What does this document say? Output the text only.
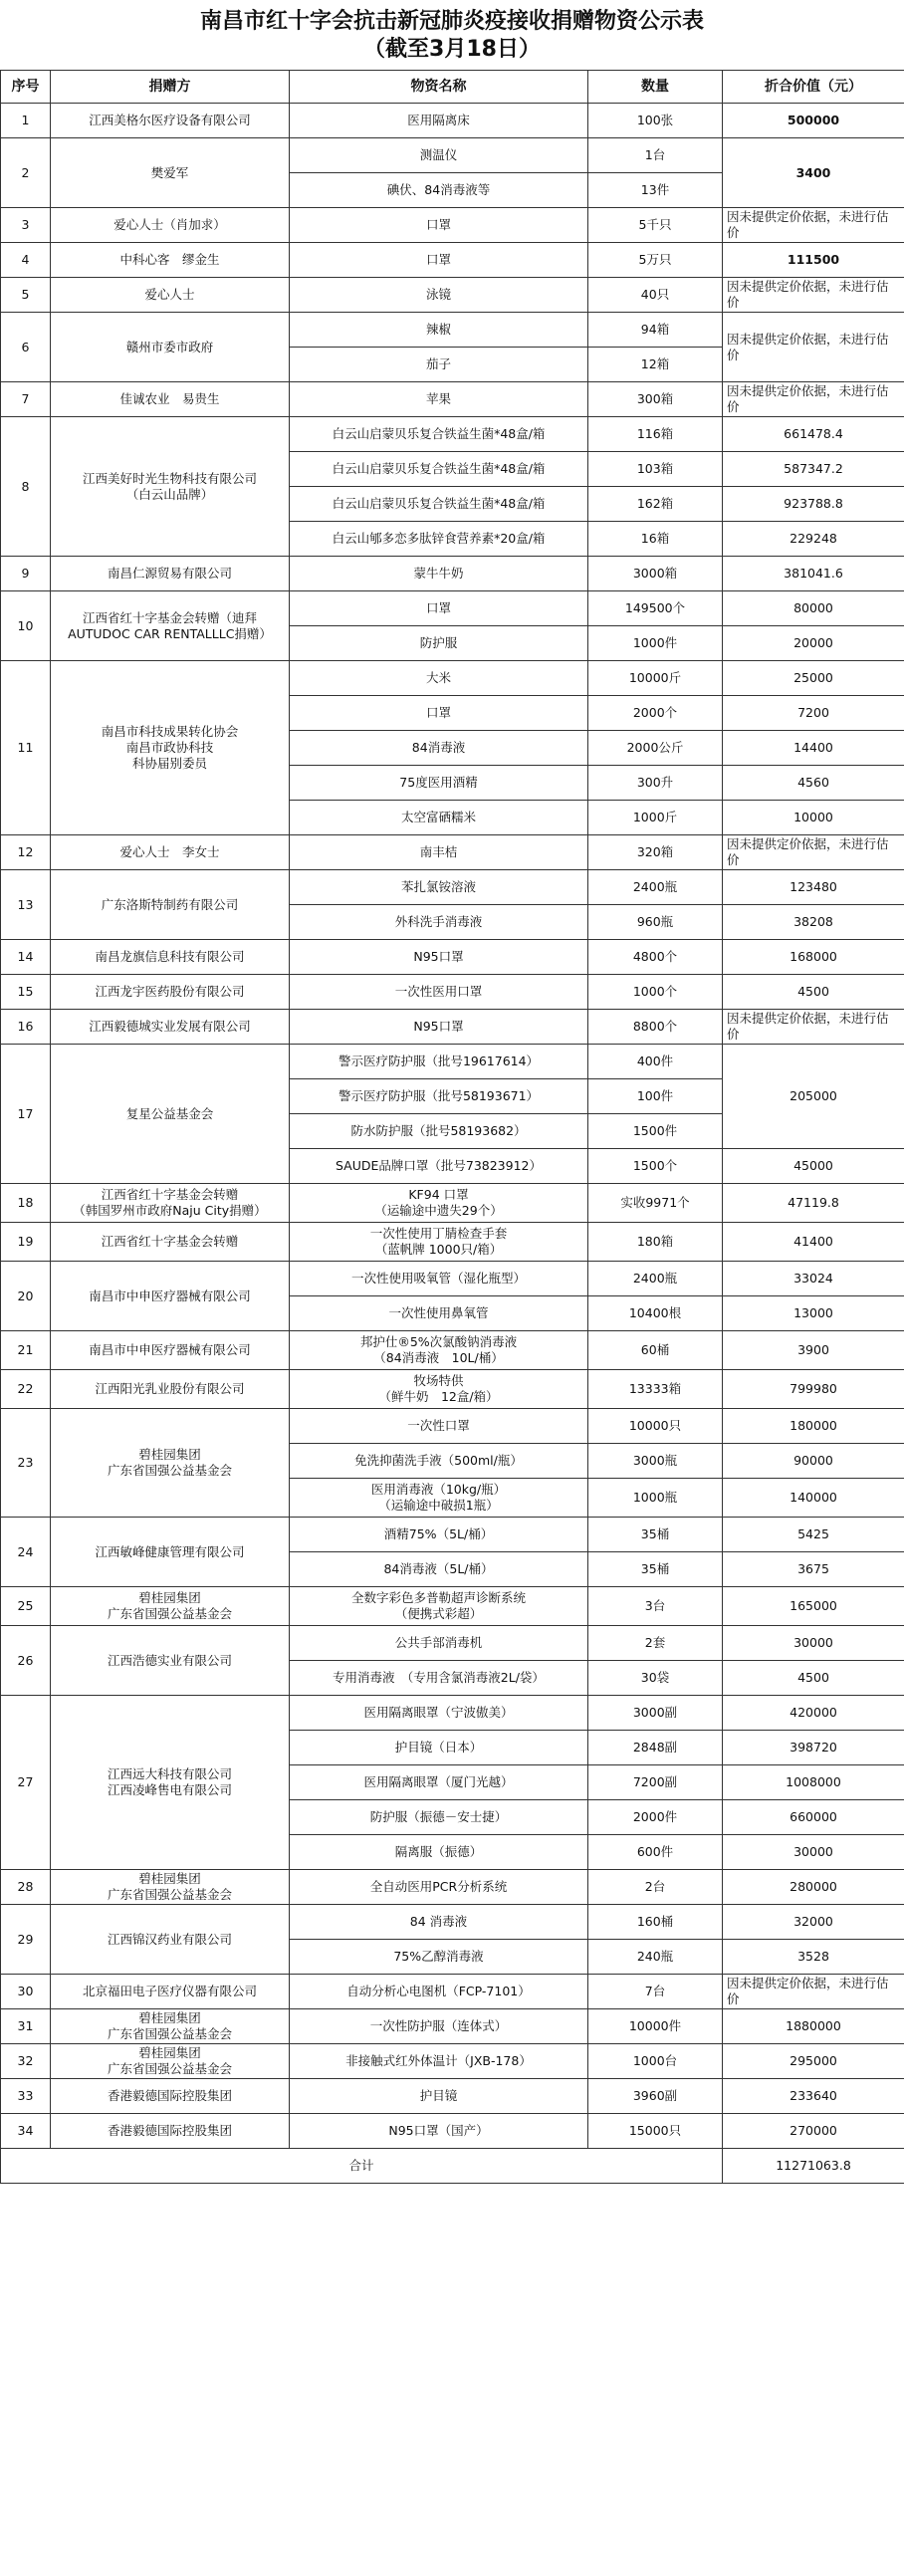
南昌市红十字会抗击新冠肺炎疫接收捐赠物资公示表
（截至3月18日）
序号	捐赠方	物资名称	数量	折合价值（元）
1	江西美格尔医疗设备有限公司	医用隔离床	100张	500000
2	樊爱军	测温仪	1台	3400
		碘伏、84消毒液等	13件	
3	爱心人士（肖加求）	口罩	5千只	因未提供定价依据，未进行估价
4	中科心客　缪金生	口罩	5万只	111500
5	爱心人士	泳镜	40只	因未提供定价依据，未进行估价
6	赣州市委市政府	辣椒	94箱	因未提供定价依据，未进行估价
		茄子	12箱	
7	佳诚农业　易贵生	苹果	300箱	因未提供定价依据，未进行估价
8	江西美好时光生物科技有限公司
（白云山品牌）	白云山启蒙贝乐复合铁益生菌*48盒/箱	116箱	661478.4
		白云山启蒙贝乐复合铁益生菌*48盒/箱	103箱	587347.2
		白云山启蒙贝乐复合铁益生菌*48盒/箱	162箱	923788.8
		白云山郇多恋多肽锌食营养素*20盒/箱	16箱	229248
9	南昌仁源贸易有限公司	蒙牛牛奶	3000箱	381041.6
10	江西省红十字基金会转赠（迪拜
AUTUDOC CAR RENTALLLC捐赠）	口罩	149500个	80000
		防护服	1000件	20000
11	南昌市科技成果转化协会
南昌市政协科技
科协届别委员	大米	10000斤	25000
		口罩	2000个	7200
		84消毒液	2000公斤	14400
		75度医用酒精	300升	4560
		太空富硒糯米	1000斤	10000
12	爱心人士　李女士	南丰桔	320箱	因未提供定价依据，未进行估价
13	广东洛斯特制药有限公司	苯扎氯铵溶液	2400瓶	123480
		外科洗手消毒液	960瓶	38208
14	南昌龙旗信息科技有限公司	N95口罩	4800个	168000
15	江西龙宇医药股份有限公司	一次性医用口罩	1000个	4500
16	江西毅德城实业发展有限公司	N95口罩	8800个	因未提供定价依据，未进行估价
17	复星公益基金会	警示医疗防护服（批号19617614）	400件	205000
		警示医疗防护服（批号58193671）	100件	
		防水防护服（批号58193682）	1500件	
		SAUDE品牌口罩（批号73823912）	1500个	45000
18	江西省红十字基金会转赠
（韩国罗州市政府Naju City捐赠）	KF94 口罩
（运输途中遗失29个）	实收9971个	47119.8
19	江西省红十字基金会转赠	一次性使用丁腈检查手套
（蓝帆牌 1000只/箱）	180箱	41400
20	南昌市中申医疗器械有限公司	一次性使用吸氧管（湿化瓶型）	2400瓶	33024
		一次性使用鼻氧管	10400根	13000
21	南昌市中申医疗器械有限公司	邦护仕®5%次氯酸钠消毒液
（84消毒液　10L/桶）	60桶	3900
22	江西阳光乳业股份有限公司	牧场特供
（鲜牛奶　12盒/箱）	13333箱	799980
23	碧桂园集团
广东省国强公益基金会	一次性口罩	10000只	180000
		免洗抑菌洗手液（500ml/瓶）	3000瓶	90000
		医用消毒液（10kg/瓶）
（运输途中破损1瓶）	1000瓶	140000
24	江西敏峰健康管理有限公司	酒精75%（5L/桶）	35桶	5425
		84消毒液（5L/桶）	35桶	3675
25	碧桂园集团
广东省国强公益基金会	全数字彩色多普勒超声诊断系统
（便携式彩超）	3台	165000
26	江西浩德实业有限公司	公共手部消毒机	2套	30000
		专用消毒液　（专用含氯消毒液2L/袋）	30袋	4500
27	江西远大科技有限公司
江西凌峰售电有限公司	医用隔离眼罩（宁波傲美）	3000副	420000
		护目镜（日本）	2848副	398720
		医用隔离眼罩（厦门光越）	7200副	1008000
		防护服（振德－安士捷）	2000件	660000
		隔离服（振德）	600件	30000
28	碧桂园集团
广东省国强公益基金会	全自动医用PCR分析系统	2台	280000
29	江西锦汉药业有限公司	84 消毒液	160桶	32000
		75%乙醇消毒液	240瓶	3528
30	北京福田电子医疗仪器有限公司	自动分析心电图机（FCP-7101）	7台	因未提供定价依据，未进行估价
31	碧桂园集团
广东省国强公益基金会	一次性防护服（连体式）	10000件	1880000
32	碧桂园集团
广东省国强公益基金会	非接触式红外体温计（JXB-178）	1000台	295000
33	香港毅德国际控股集团	护目镜	3960副	233640
34	香港毅德国际控股集团	N95口罩（国产）	15000只	270000
合计				11271063.8
